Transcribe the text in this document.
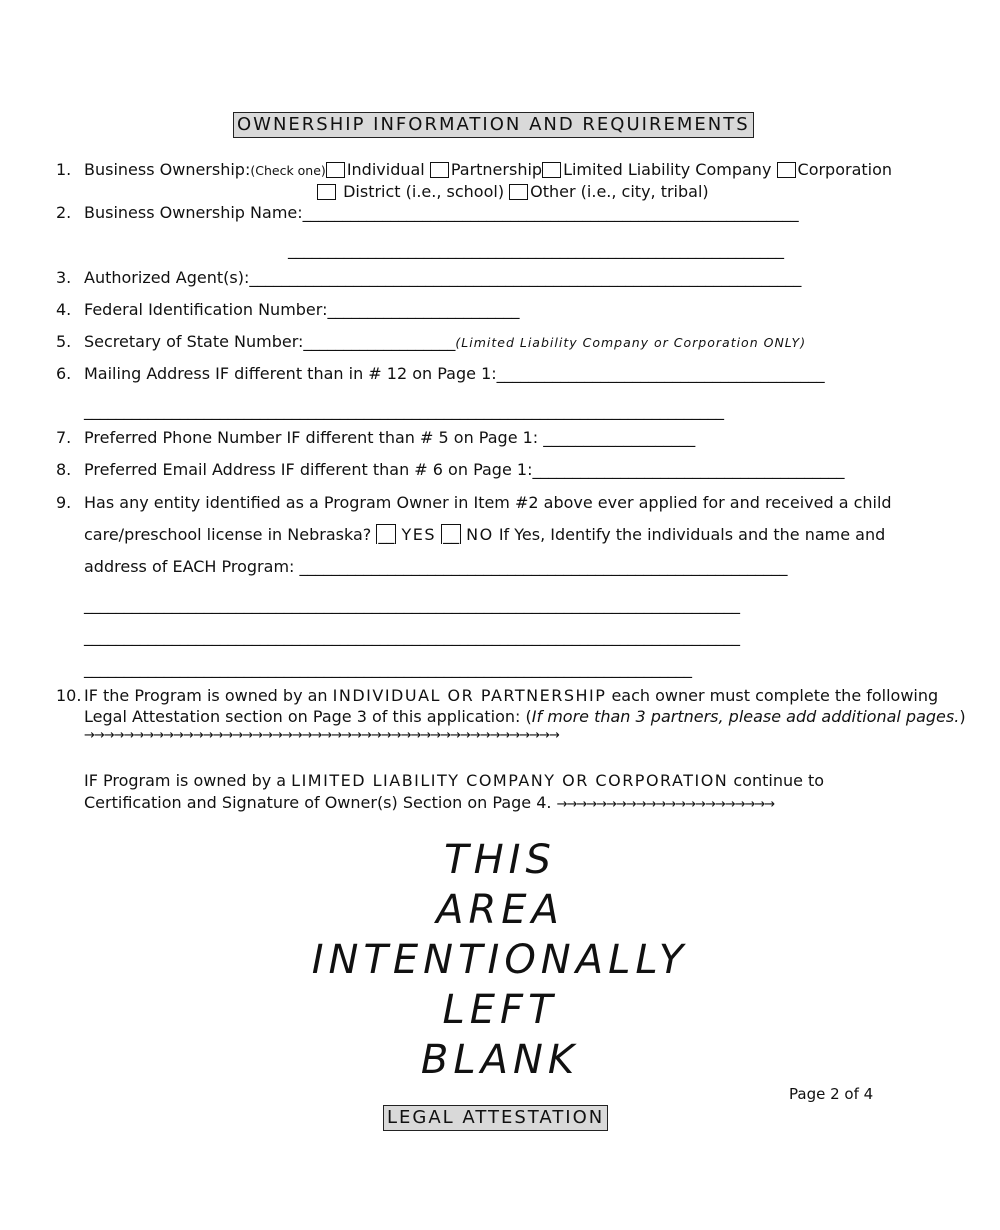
OWNERSHIP INFORMATION AND REQUIREMENTS
1. Business Ownership:(Check one) Individual Partnership Limited Liability Company Corporation
District (i.e., school) Other (i.e., city, tribal)
2. Business Ownership Name:______________________________________________________________
______________________________________________________________
3. Authorized Agent(s):_____________________________________________________________________
4. Federal Identification Number:________________________
5. Secretary of State Number:___________________(Limited Liability Company or Corporation ONLY)
6. Mailing Address IF different than in # 12 on Page 1:_________________________________________
________________________________________________________________________________
7. Preferred Phone Number IF different than # 5 on Page 1: ___________________
8. Preferred Email Address IF different than # 6 on Page 1:_______________________________________
9. Has any entity identified as a Program Owner in Item #2 above ever applied for and received a child
care/preschool license in Nebraska? __ YES __ NO If Yes, Identify the individuals and the name and
address of EACH Program: _____________________________________________________________
__________________________________________________________________________________
__________________________________________________________________________________
____________________________________________________________________________
10. IF the Program is owned by an INDIVIDUAL OR PARTNERSHIP each owner must complete the following
Legal Attestation section on Page 3 of this application: (If more than 3 partners, please add additional pages.)
→→→→→→→→→→→→→→→→→→→→→→→→→→→→→→→→→→→→→→→→→→→→→→→→
IF Program is owned by a LIMITED LIABILITY COMPANY OR CORPORATION continue to
Certification and Signature of Owner(s) Section on Page 4. →→→→→→→→→→→→→→→→→→→→→→
THIS
AREA
INTENTIONALLY
LEFT
BLANK
Page 2 of 4
LEGAL ATTESTATION
